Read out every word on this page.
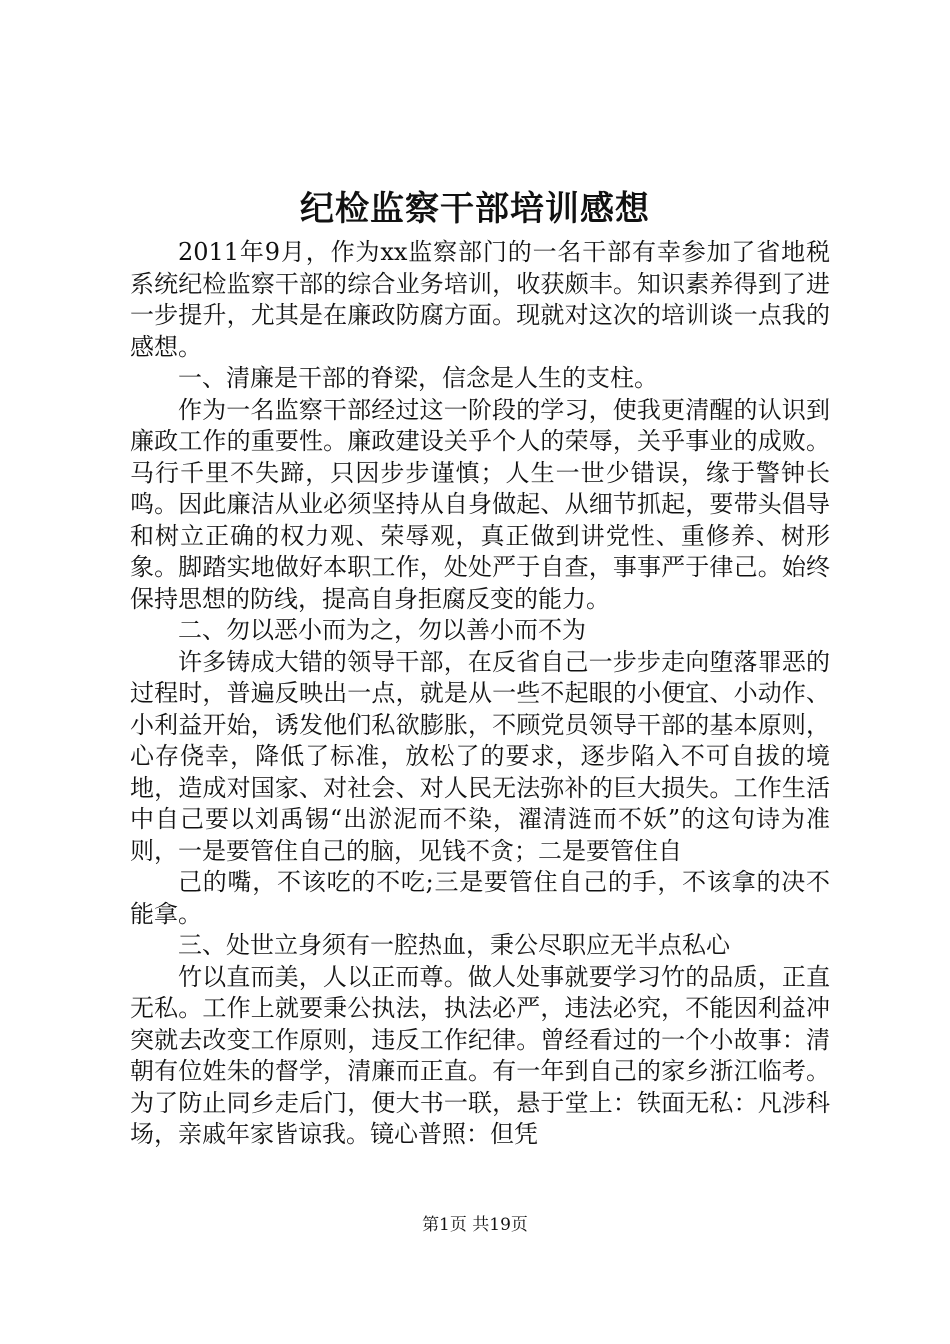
纪检监察干部培训感想

2011年9月，作为xx监察部门的一名干部有幸参加了省地税系统纪检监察干部的综合业务培训，收获颇丰。知识素养得到了进一步提升，尤其是在廉政防腐方面。现就对这次的培训谈一点我的感想。

一、清廉是干部的脊梁，信念是人生的支柱。

作为一名监察干部经过这一阶段的学习，使我更清醒的认识到廉政工作的重要性。廉政建设关乎个人的荣辱，关乎事业的成败。马行千里不失蹄，只因步步谨慎；人生一世少错误，缘于警钟长鸣。因此廉洁从业必须坚持从自身做起、从细节抓起，要带头倡导和树立正确的权力观、荣辱观，真正做到讲党性、重修养、树形象。脚踏实地做好本职工作，处处严于自查，事事严于律己。始终保持思想的防线，提高自身拒腐反变的能力。

二、勿以恶小而为之，勿以善小而不为

许多铸成大错的领导干部，在反省自己一步步走向堕落罪恶的过程时，普遍反映出一点，就是从一些不起眼的小便宜、小动作、小利益开始，诱发他们私欲膨胀，不顾党员领导干部的基本原则，心存侥幸，降低了标准，放松了的要求，逐步陷入不可自拔的境地，造成对国家、对社会、对人民无法弥补的巨大损失。工作生活中自己要以刘禹锡“出淤泥而不染，濯清涟而不妖”的这句诗为准则，一是要管住自己的脑，见钱不贪；二是要管住自

己的嘴，不该吃的不吃;三是要管住自己的手，不该拿的决不能拿。

三、处世立身须有一腔热血，秉公尽职应无半点私心

竹以直而美，人以正而尊。做人处事就要学习竹的品质，正直无私。工作上就要秉公执法，执法必严，违法必究，不能因利益冲突就去改变工作原则，违反工作纪律。曾经看过的一个小故事：清朝有位姓朱的督学，清廉而正直。有一年到自己的家乡浙江临考。为了防止同乡走后门，便大书一联，悬于堂上：铁面无私：凡涉科场，亲戚年家皆谅我。镜心普照：但凭

第1页 共19页
